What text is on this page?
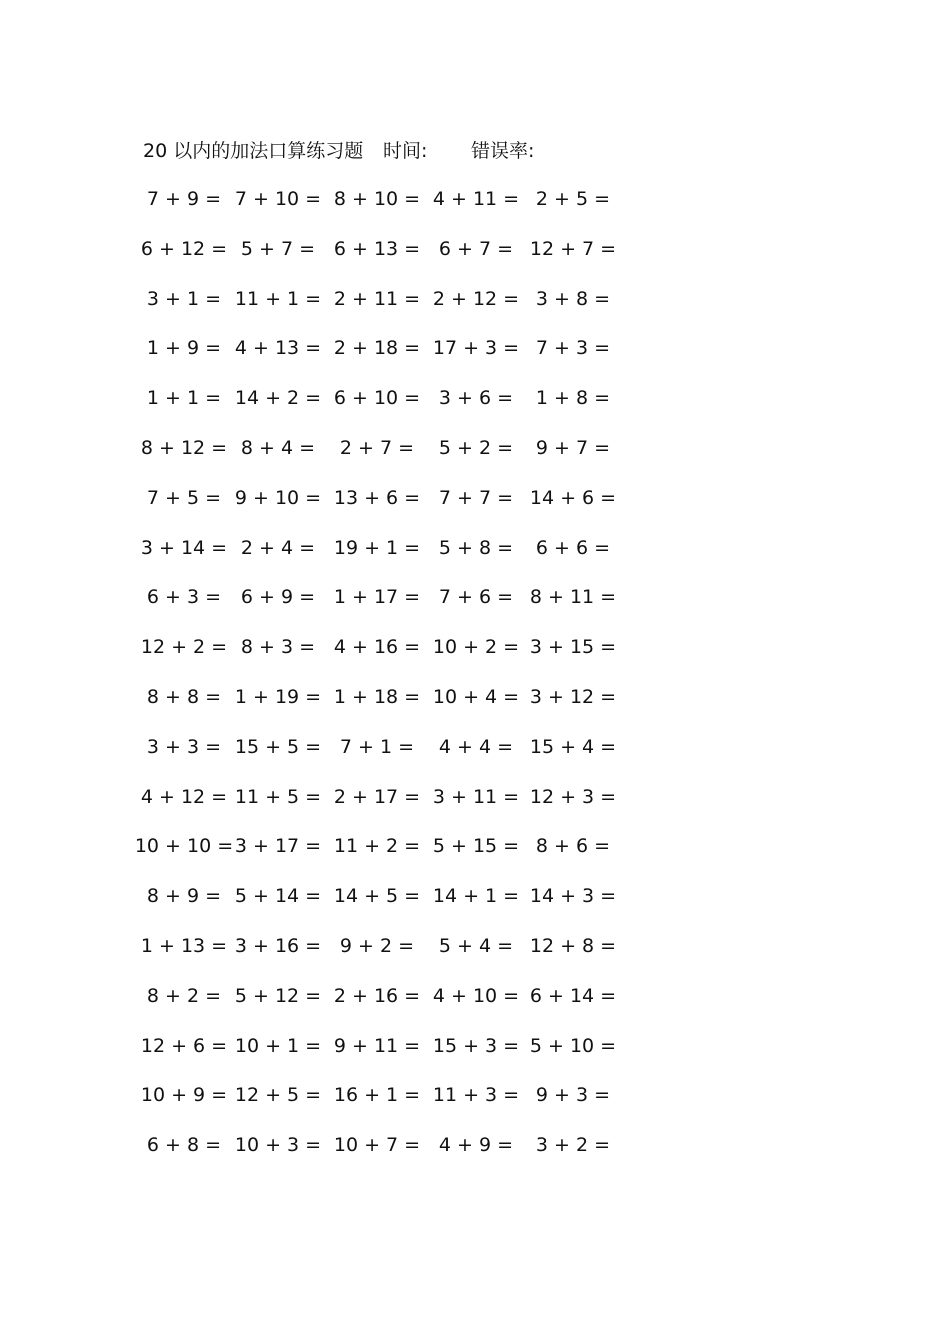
20 以内的加法口算练习题 时间: 错误率:
7 + 9 = 7 + 10 = 8 + 10 = 4 + 11 = 2 + 5 =
6 + 12 = 5 + 7 = 6 + 13 = 6 + 7 = 12 + 7 =
3 + 1 = 11 + 1 = 2 + 11 = 2 + 12 = 3 + 8 =
1 + 9 = 4 + 13 = 2 + 18 = 17 + 3 = 7 + 3 =
1 + 1 = 14 + 2 = 6 + 10 = 3 + 6 = 1 + 8 =
8 + 12 = 8 + 4 = 2 + 7 = 5 + 2 = 9 + 7 =
7 + 5 = 9 + 10 = 13 + 6 = 7 + 7 = 14 + 6 =
3 + 14 = 2 + 4 = 19 + 1 = 5 + 8 = 6 + 6 =
6 + 3 = 6 + 9 = 1 + 17 = 7 + 6 = 8 + 11 =
12 + 2 = 8 + 3 = 4 + 16 = 10 + 2 = 3 + 15 =
8 + 8 = 1 + 19 = 1 + 18 = 10 + 4 = 3 + 12 =
3 + 3 = 15 + 5 = 7 + 1 = 4 + 4 = 15 + 4 =
4 + 12 = 11 + 5 = 2 + 17 = 3 + 11 = 12 + 3 =
10 + 10 = 3 + 17 = 11 + 2 = 5 + 15 = 8 + 6 =
8 + 9 = 5 + 14 = 14 + 5 = 14 + 1 = 14 + 3 =
1 + 13 = 3 + 16 = 9 + 2 = 5 + 4 = 12 + 8 =
8 + 2 = 5 + 12 = 2 + 16 = 4 + 10 = 6 + 14 =
12 + 6 = 10 + 1 = 9 + 11 = 15 + 3 = 5 + 10 =
10 + 9 = 12 + 5 = 16 + 1 = 11 + 3 = 9 + 3 =
6 + 8 = 10 + 3 = 10 + 7 = 4 + 9 = 3 + 2 =
